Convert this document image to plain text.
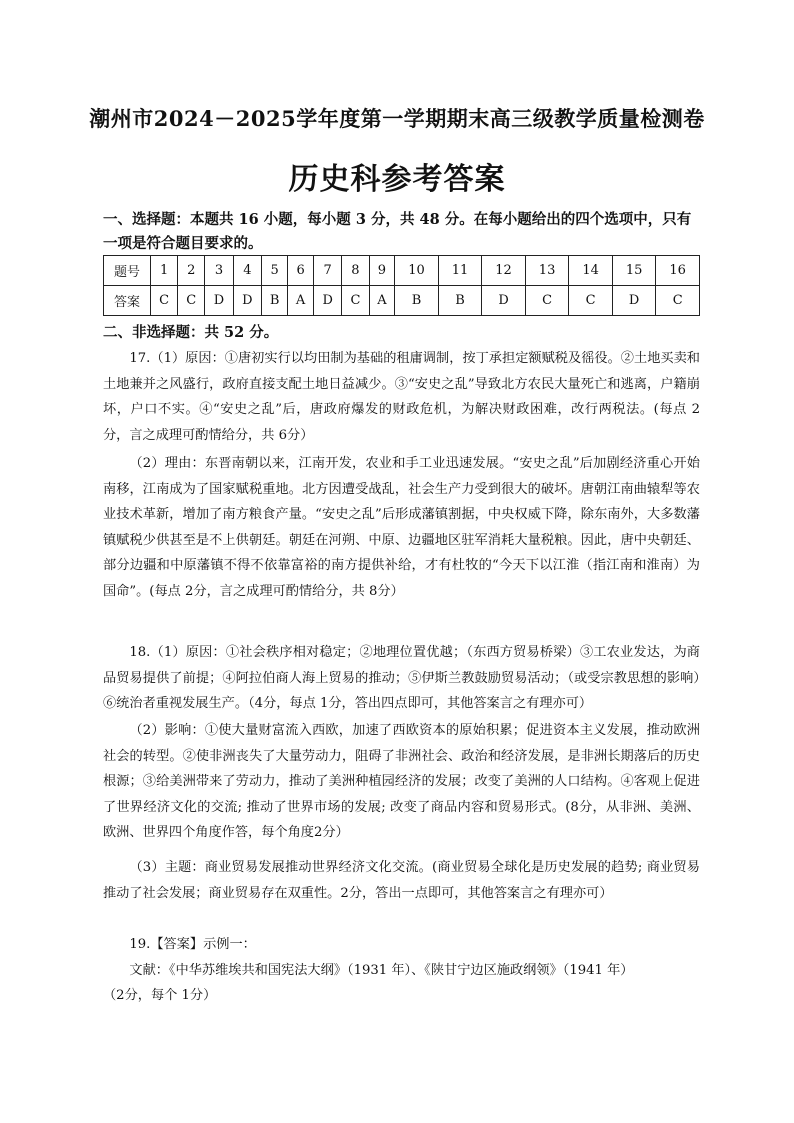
潮州市2024－2025学年度第一学期期末高三级教学质量检测卷
历史科参考答案
一、选择题：本题共 16 小题，每小题 3 分，共 48 分。在每小题给出的四个选项中，只有一项是符合题目要求的。
题号	1	2	3	4	5	6	7	8	9	10	11	12	13	14	15	16
答案	C	C	D	D	B	A	D	C	A	B	B	D	C	C	D	C
二、非选择题：共 52 分。

17.（1）原因：①唐初实行以均田制为基础的租庸调制，按丁承担定额赋税及徭役。②土地买卖和土地兼并之风盛行，政府直接支配土地日益减少。③“安史之乱”导致北方农民大量死亡和逃离，户籍崩坏，户口不实。④“安史之乱”后，唐政府爆发的财政危机，为解决财政困难，改行两税法。(每点 2分，言之成理可酌情给分，共 6分）

（2）理由：东晋南朝以来，江南开发，农业和手工业迅速发展。“安史之乱”后加剧经济重心开始南移，江南成为了国家赋税重地。北方因遭受战乱，社会生产力受到很大的破坏。唐朝江南曲辕犁等农业技术革新，增加了南方粮食产量。“安史之乱”后形成藩镇割据，中央权威下降，除东南外，大多数藩镇赋税少供甚至是不上供朝廷。朝廷在河朔、中原、边疆地区驻军消耗大量税粮。因此，唐中央朝廷、部分边疆和中原藩镇不得不依靠富裕的南方提供补给，才有杜牧的“今天下以江淮（指江南和淮南）为国命”。(每点 2分，言之成理可酌情给分，共 8分）

18.（1）原因：①社会秩序相对稳定；②地理位置优越；（东西方贸易桥梁）③工农业发达，为商品贸易提供了前提；④阿拉伯商人海上贸易的推动；⑤伊斯兰教鼓励贸易活动；（或受宗教思想的影响）⑥统治者重视发展生产。（4分，每点 1分，答出四点即可，其他答案言之有理亦可）

（2）影响：①使大量财富流入西欧，加速了西欧资本的原始积累；促进资本主义发展，推动欧洲社会的转型。②使非洲丧失了大量劳动力，阻碍了非洲社会、政治和经济发展，是非洲长期落后的历史根源；③给美洲带来了劳动力，推动了美洲种植园经济的发展；改变了美洲的人口结构。④客观上促进了世界经济文化的交流; 推动了世界市场的发展; 改变了商品内容和贸易形式。(8分，从非洲、美洲、欧洲、世界四个角度作答，每个角度2分）

（3）主题：商业贸易发展推动世界经济文化交流。(商业贸易全球化是历史发展的趋势; 商业贸易推动了社会发展；商业贸易存在双重性。2分，答出一点即可，其他答案言之有理亦可）

19.【答案】示例一：

文献：《中华苏维埃共和国宪法大纲》（1931 年）、《陕甘宁边区施政纲领》（1941 年）

（2分，每个 1分）
